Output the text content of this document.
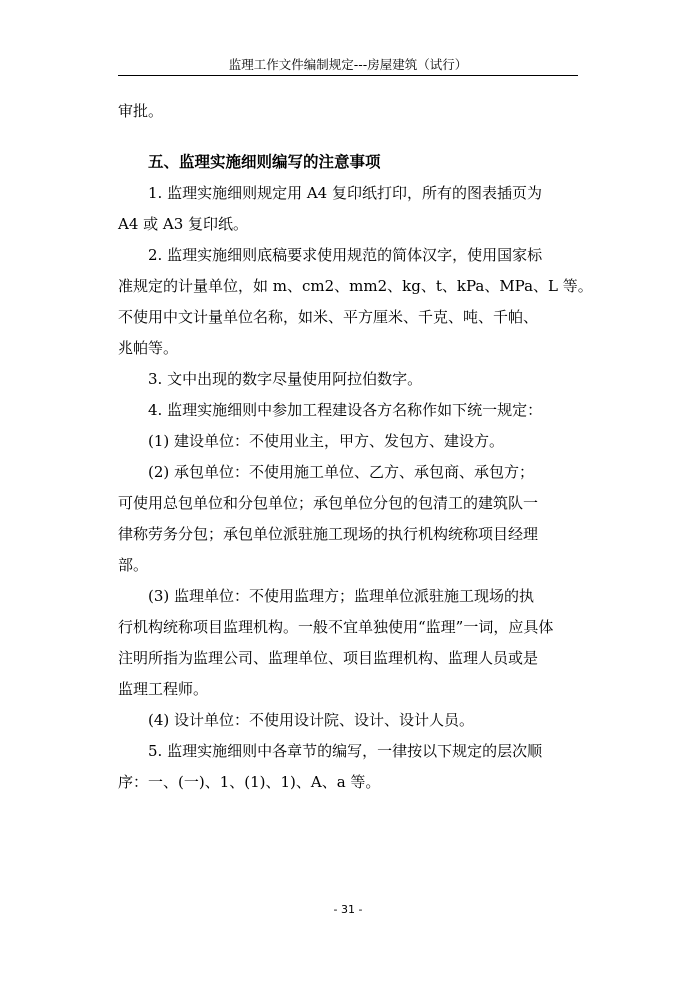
监理工作文件编制规定---房屋建筑（试行）
审批。
五、监理实施细则编写的注意事项
1. 监理实施细则规定用 A4 复印纸打印，所有的图表插页为
A4 或 A3 复印纸。
2. 监理实施细则底稿要求使用规范的简体汉字，使用国家标
准规定的计量单位，如 m、cm2、mm2、kg、t、kPa、MPa、L 等。
不使用中文计量单位名称，如米、平方厘米、千克、吨、千帕、
兆帕等。
3. 文中出现的数字尽量使用阿拉伯数字。
4. 监理实施细则中参加工程建设各方名称作如下统一规定：
(1) 建设单位：不使用业主，甲方、发包方、建设方。
(2) 承包单位：不使用施工单位、乙方、承包商、承包方；
可使用总包单位和分包单位；承包单位分包的包清工的建筑队一
律称劳务分包；承包单位派驻施工现场的执行机构统称项目经理
部。
(3) 监理单位：不使用监理方；监理单位派驻施工现场的执
行机构统称项目监理机构。一般不宜单独使用“监理”一词，应具体
注明所指为监理公司、监理单位、项目监理机构、监理人员或是
监理工程师。
(4) 设计单位：不使用设计院、设计、设计人员。
5. 监理实施细则中各章节的编写，一律按以下规定的层次顺
序：一、(一)、1、(1)、1)、A、a 等。
- 31 -
